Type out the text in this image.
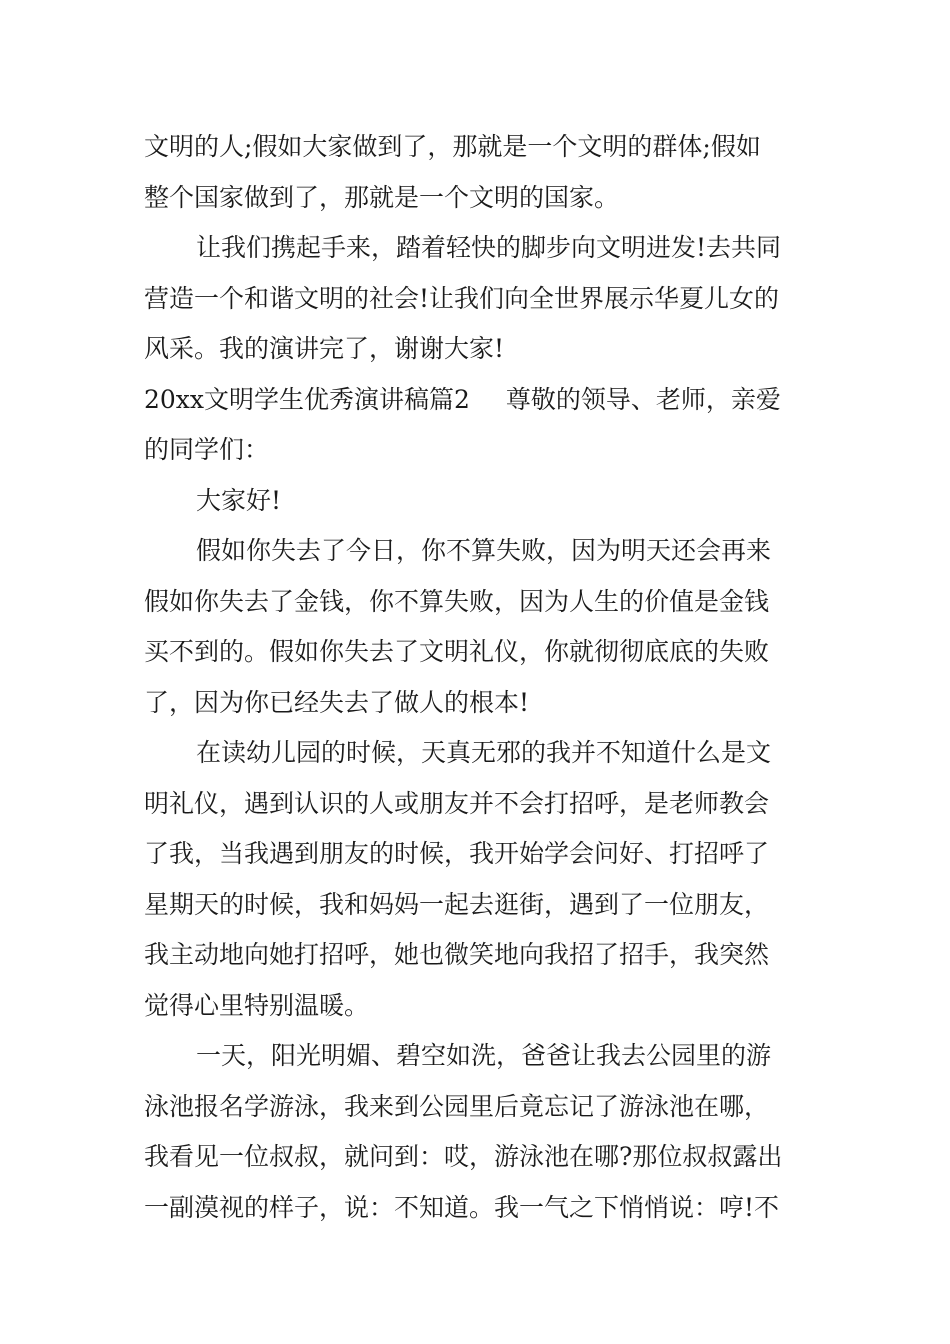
文明的人;假如大家做到了，那就是一个文明的群体;假如
整个国家做到了，那就是一个文明的国家。
让我们携起手来，踏着轻快的脚步向文明进发!去共同
营造一个和谐文明的社会!让我们向全世界展示华夏儿女的
风采。我的演讲完了，谢谢大家!
20xx文明学生优秀演讲稿篇2 尊敬的领导、老师，亲爱
的同学们：
大家好!
假如你失去了今日，你不算失败，因为明天还会再来
假如你失去了金钱，你不算失败，因为人生的价值是金钱
买不到的。假如你失去了文明礼仪，你就彻彻底底的失败
了，因为你已经失去了做人的根本!
在读幼儿园的时候，天真无邪的我并不知道什么是文
明礼仪，遇到认识的人或朋友并不会打招呼，是老师教会
了我，当我遇到朋友的时候，我开始学会问好、打招呼了
星期天的时候，我和妈妈一起去逛街，遇到了一位朋友，
我主动地向她打招呼，她也微笑地向我招了招手，我突然
觉得心里特别温暖。
一天，阳光明媚、碧空如洗，爸爸让我去公园里的游
泳池报名学游泳，我来到公园里后竟忘记了游泳池在哪，
我看见一位叔叔，就问到：哎，游泳池在哪?那位叔叔露出
一副漠视的样子，说：不知道。我一气之下悄悄说：哼!不
